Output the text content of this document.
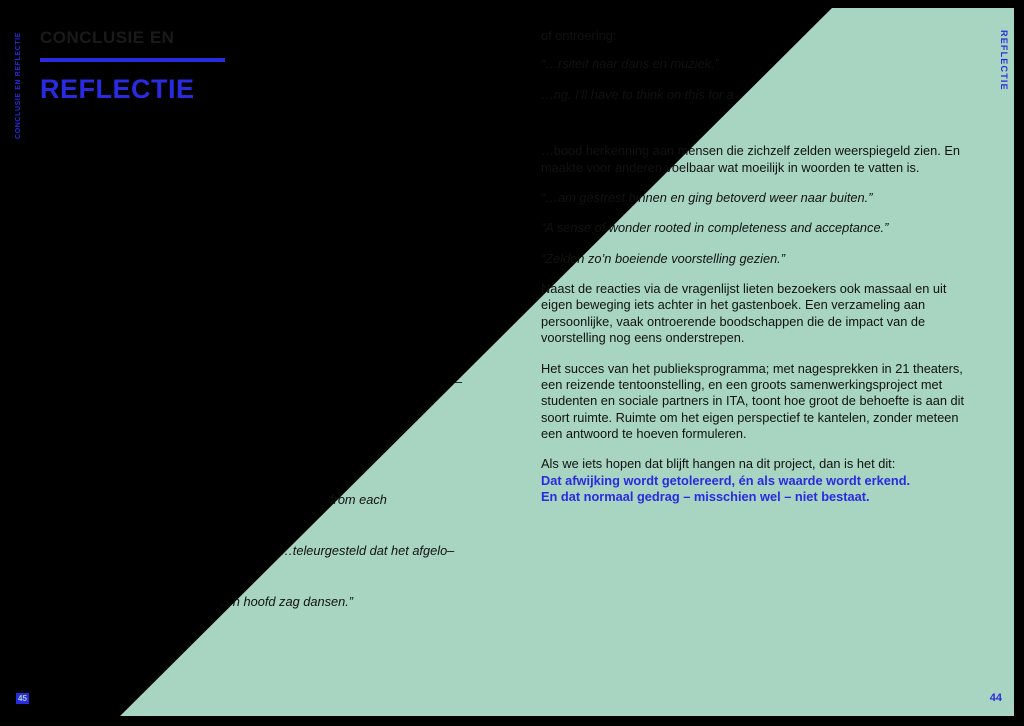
CONCLUSIE EN REFLECTIE	REFLECTIE
CONCLUSIE EN
REFLECTIE
–
from each
…teleurgesteld dat het afgelo–
…n hoofd zag dansen.”

of ontroering:

“…rsiteit naar dans en muziek.”

…ng. I’ll have to think on this for a

…bood herkenning aan mensen die zichzelf zelden weerspiegeld zien. En maakte voor anderen voelbaar wat moeilijk in woorden te vatten is.

“…am gestrest binnen en ging betoverd weer naar buiten.”

“A sense of wonder rooted in completeness and acceptance.”

“Zelden zo’n boeiende voorstelling gezien.”

Naast de reacties via de vragenlijst lieten bezoekers ook massaal en uit eigen beweging iets achter in het gastenboek. Een verzameling aan persoonlijke, vaak ontroerende boodschappen die de impact van de voorstelling nog eens onderstrepen.

Het succes van het publieksprogramma; met nagesprekken in 21 theaters, een reizende tentoonstelling, en een groots samenwerkingsproject met studenten en sociale partners in ITA, toont hoe groot de behoefte is aan dit soort ruimte. Ruimte om het eigen perspectief te kantelen, zonder meteen een antwoord te hoeven formuleren.

Als we iets hopen dat blijft hangen na dit project, dan is het dit:

Dat afwijking wordt getolereerd, én als waarde wordt erkend.

En dat normaal gedrag – misschien wel – niet bestaat.

44
45
